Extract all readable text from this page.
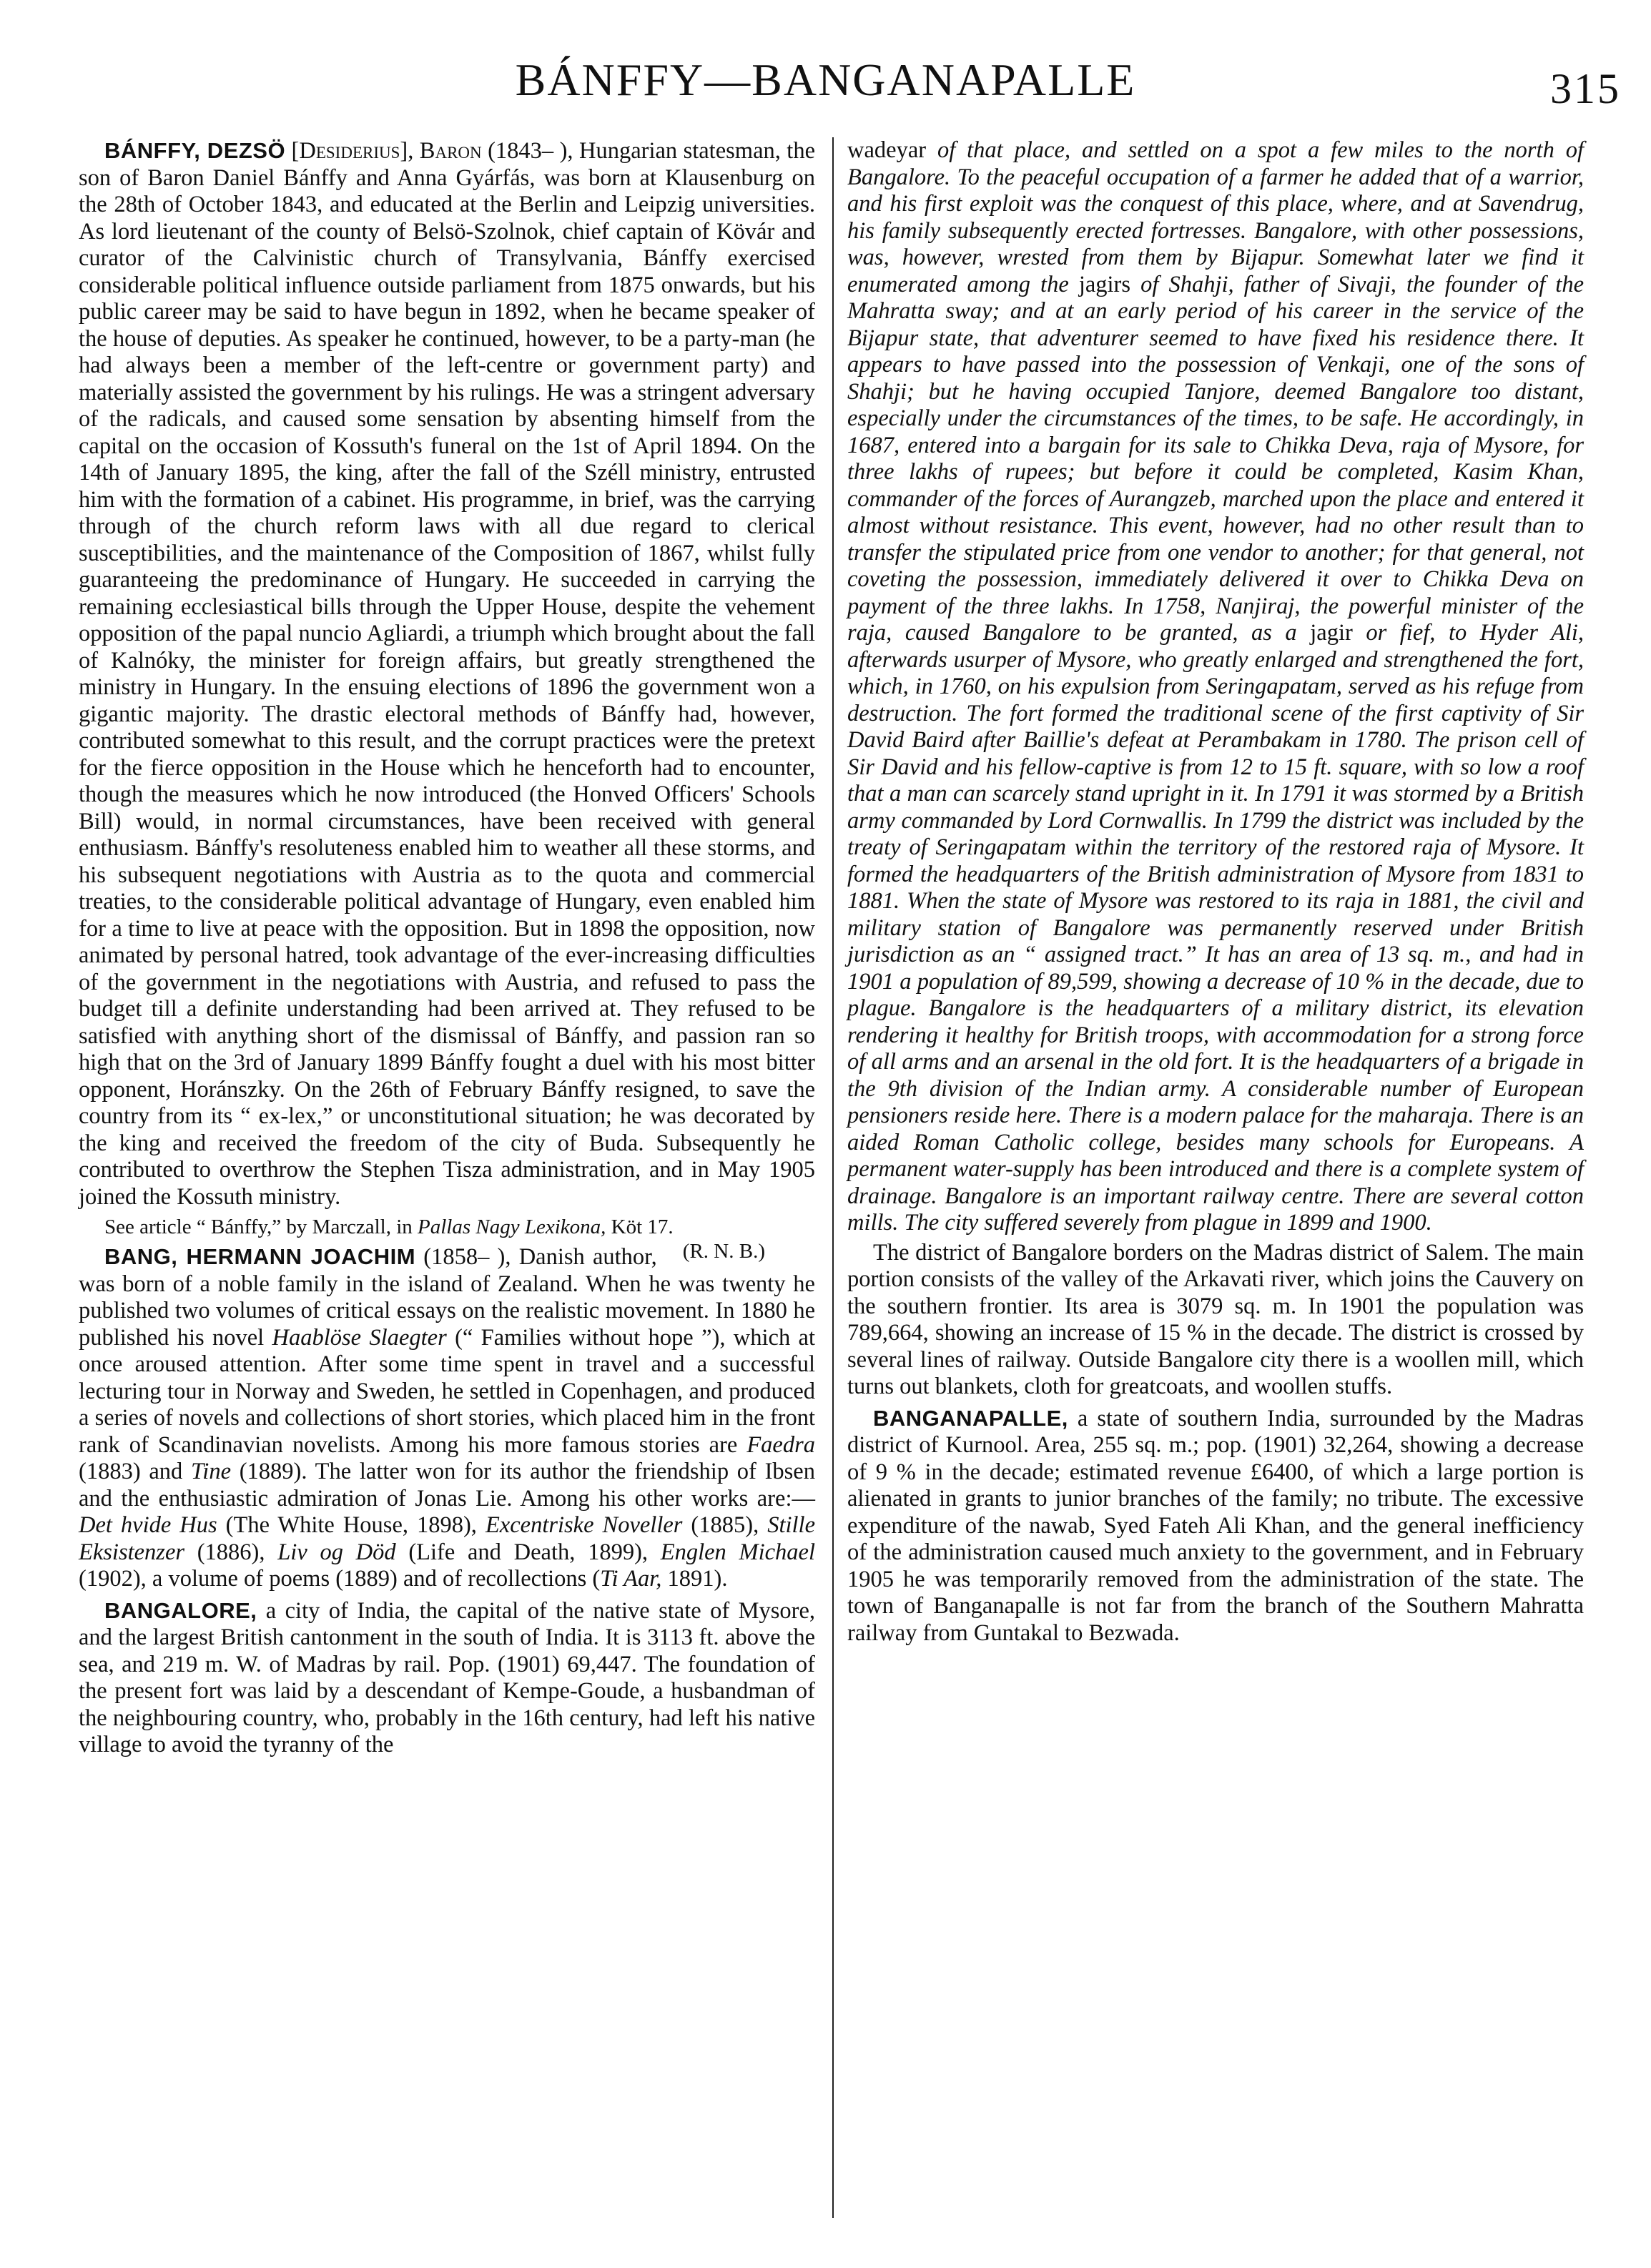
BÁNFFY—BANGANAPALLE	315

BÁNFFY, DEZSÖ [Desiderius], Baron (1843– ), Hungarian statesman, the son of Baron Daniel Bánffy and Anna Gyárfás, was born at Klausenburg on the 28th of October 1843, and educated at the Berlin and Leipzig universities. As lord lieutenant of the county of Belsö-Szolnok, chief captain of Kövár and curator of the Calvinistic church of Transylvania, Bánffy exercised considerable political influence outside parliament from 1875 onwards, but his public career may be said to have begun in 1892, when he became speaker of the house of deputies. As speaker he continued, however, to be a party-man (he had always been a member of the left-centre or government party) and materially assisted the government by his rulings. He was a stringent adversary of the radicals, and caused some sensation by absenting himself from the capital on the occasion of Kossuth's funeral on the 1st of April 1894. On the 14th of January 1895, the king, after the fall of the Széll ministry, entrusted him with the formation of a cabinet. His programme, in brief, was the carrying through of the church reform laws with all due regard to clerical susceptibilities, and the maintenance of the Composition of 1867, whilst fully guaranteeing the predominance of Hungary. He succeeded in carrying the remaining ecclesiastical bills through the Upper House, despite the vehement opposition of the papal nuncio Agliardi, a triumph which brought about the fall of Kalnóky, the minister for foreign affairs, but greatly strengthened the ministry in Hungary. In the ensuing elections of 1896 the government won a gigantic majority. The drastic electoral methods of Bánffy had, however, contributed somewhat to this result, and the corrupt practices were the pretext for the fierce opposition in the House which he henceforth had to encounter, though the measures which he now introduced (the Honved Officers' Schools Bill) would, in normal circumstances, have been received with general enthusiasm. Bánffy's resoluteness enabled him to weather all these storms, and his subsequent negotiations with Austria as to the quota and commercial treaties, to the considerable political advantage of Hungary, even enabled him for a time to live at peace with the opposition. But in 1898 the opposition, now animated by personal hatred, took advantage of the ever-increasing difficulties of the government in the negotiations with Austria, and refused to pass the budget till a definite understanding had been arrived at. They refused to be satisfied with anything short of the dismissal of Bánffy, and passion ran so high that on the 3rd of January 1899 Bánffy fought a duel with his most bitter opponent, Horánszky. On the 26th of February Bánffy resigned, to save the country from its “ ex-lex,” or unconstitutional situation; he was decorated by the king and received the freedom of the city of Buda. Subsequently he contributed to overthrow the Stephen Tisza administration, and in May 1905 joined the Kossuth ministry.

See article “ Bánffy,” by Marczall, in Pallas Nagy Lexikona, Köt 17.
(R. N. B.)

BANG, HERMANN JOACHIM (1858– ), Danish author, was born of a noble family in the island of Zealand. When he was twenty he published two volumes of critical essays on the realistic movement. In 1880 he published his novel Haablöse Slaegter (“ Families without hope ”), which at once aroused attention. After some time spent in travel and a successful lecturing tour in Norway and Sweden, he settled in Copenhagen, and produced a series of novels and collections of short stories, which placed him in the front rank of Scandinavian novelists. Among his more famous stories are Faedra (1883) and Tine (1889). The latter won for its author the friendship of Ibsen and the enthusiastic admiration of Jonas Lie. Among his other works are:— Det hvide Hus (The White House, 1898), Excentriske Noveller (1885), Stille Eksistenzer (1886), Liv og Död (Life and Death, 1899), Englen Michael (1902), a volume of poems (1889) and of recollections (Ti Aar, 1891).

BANGALORE, a city of India, the capital of the native state of Mysore, and the largest British cantonment in the south of India. It is 3113 ft. above the sea, and 219 m. W. of Madras by rail. Pop. (1901) 69,447. The foundation of the present fort was laid by a descendant of Kempe-Goude, a husbandman of the neighbouring country, who, probably in the 16th century, had left his native village to avoid the tyranny of the

wadeyar of that place, and settled on a spot a few miles to the north of Bangalore. To the peaceful occupation of a farmer he added that of a warrior, and his first exploit was the conquest of this place, where, and at Savendrug, his family subsequently erected fortresses. Bangalore, with other possessions, was, however, wrested from them by Bijapur. Somewhat later we find it enumerated among the jagirs of Shahji, father of Sivaji, the founder of the Mahratta sway; and at an early period of his career in the service of the Bijapur state, that adventurer seemed to have fixed his residence there. It appears to have passed into the possession of Venkaji, one of the sons of Shahji; but he having occupied Tanjore, deemed Bangalore too distant, especially under the circumstances of the times, to be safe. He accordingly, in 1687, entered into a bargain for its sale to Chikka Deva, raja of Mysore, for three lakhs of rupees; but before it could be completed, Kasim Khan, commander of the forces of Aurangzeb, marched upon the place and entered it almost without resistance. This event, however, had no other result than to transfer the stipulated price from one vendor to another; for that general, not coveting the possession, immediately delivered it over to Chikka Deva on payment of the three lakhs. In 1758, Nanjiraj, the powerful minister of the raja, caused Bangalore to be granted, as a jagir or fief, to Hyder Ali, afterwards usurper of Mysore, who greatly enlarged and strengthened the fort, which, in 1760, on his expulsion from Seringapatam, served as his refuge from destruction. The fort formed the traditional scene of the first captivity of Sir David Baird after Baillie's defeat at Perambakam in 1780. The prison cell of Sir David and his fellow-captive is from 12 to 15 ft. square, with so low a roof that a man can scarcely stand upright in it. In 1791 it was stormed by a British army commanded by Lord Cornwallis. In 1799 the district was included by the treaty of Seringapatam within the territory of the restored raja of Mysore. It formed the headquarters of the British administration of Mysore from 1831 to 1881. When the state of Mysore was restored to its raja in 1881, the civil and military station of Bangalore was permanently reserved under British jurisdiction as an “ assigned tract.” It has an area of 13 sq. m., and had in 1901 a population of 89,599, showing a decrease of 10 % in the decade, due to plague. Bangalore is the headquarters of a military district, its elevation rendering it healthy for British troops, with accommodation for a strong force of all arms and an arsenal in the old fort. It is the headquarters of a brigade in the 9th division of the Indian army. A considerable number of European pensioners reside here. There is a modern palace for the maharaja. There is an aided Roman Catholic college, besides many schools for Europeans. A permanent water-supply has been introduced and there is a complete system of drainage. Bangalore is an important railway centre. There are several cotton mills. The city suffered severely from plague in 1899 and 1900.

The district of Bangalore borders on the Madras district of Salem. The main portion consists of the valley of the Arkavati river, which joins the Cauvery on the southern frontier. Its area is 3079 sq. m. In 1901 the population was 789,664, showing an increase of 15 % in the decade. The district is crossed by several lines of railway. Outside Bangalore city there is a woollen mill, which turns out blankets, cloth for greatcoats, and woollen stuffs.

BANGANAPALLE, a state of southern India, surrounded by the Madras district of Kurnool. Area, 255 sq. m.; pop. (1901) 32,264, showing a decrease of 9 % in the decade; estimated revenue £6400, of which a large portion is alienated in grants to junior branches of the family; no tribute. The excessive expenditure of the nawab, Syed Fateh Ali Khan, and the general inefficiency of the administration caused much anxiety to the government, and in February 1905 he was temporarily removed from the administration of the state. The town of Banganapalle is not far from the branch of the Southern Mahratta railway from Guntakal to Bezwada.
